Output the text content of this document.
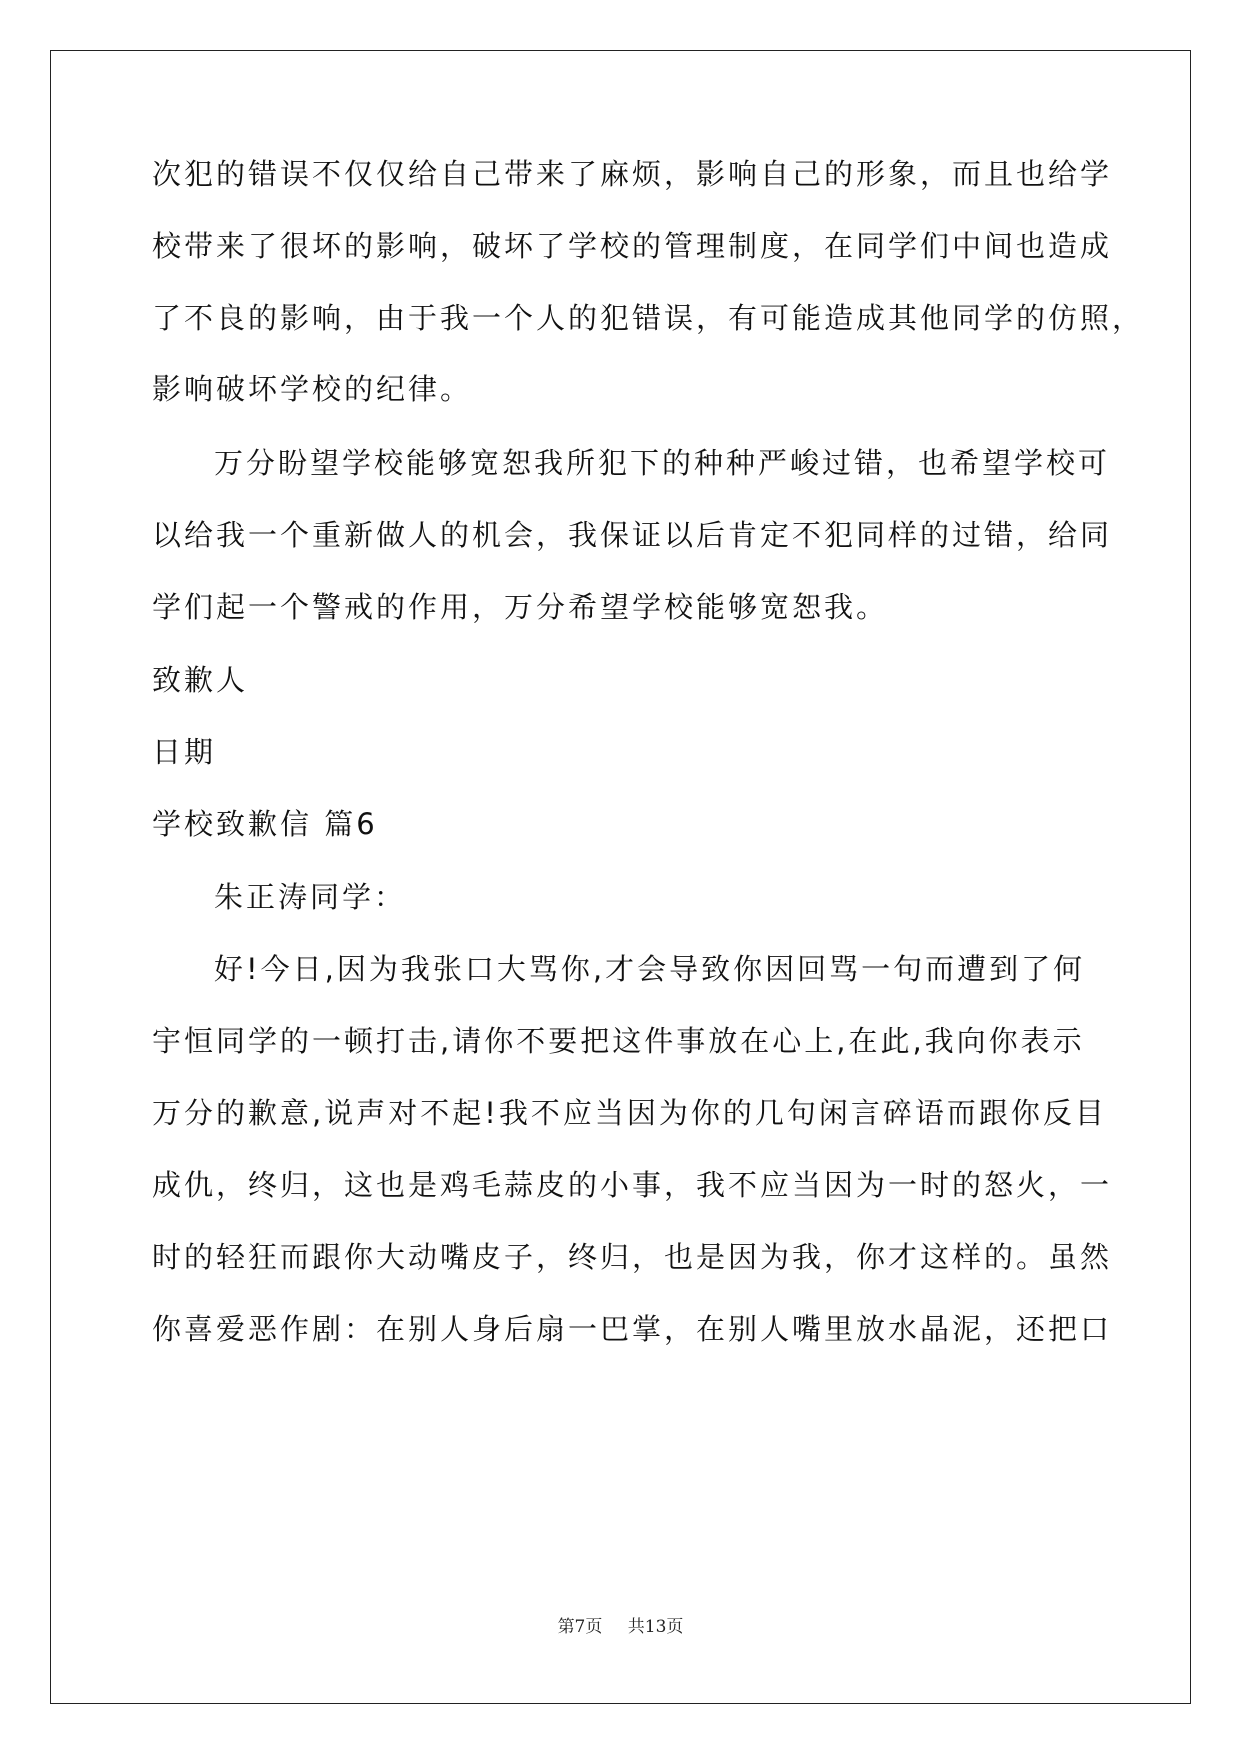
次犯的错误不仅仅给自己带来了麻烦，影响自己的形象，而且也给学
校带来了很坏的影响，破坏了学校的管理制度，在同学们中间也造成
了不良的影响，由于我一个人的犯错误，有可能造成其他同学的仿照，
影响破坏学校的纪律。
万分盼望学校能够宽恕我所犯下的种种严峻过错，也希望学校可
以给我一个重新做人的机会，我保证以后肯定不犯同样的过错，给同
学们起一个警戒的作用，万分希望学校能够宽恕我。
致歉人
日期
学校致歉信 篇6
朱正涛同学：
好!今日,因为我张口大骂你,才会导致你因回骂一句而遭到了何
宇恒同学的一顿打击,请你不要把这件事放在心上,在此,我向你表示
万分的歉意,说声对不起!我不应当因为你的几句闲言碎语而跟你反目
成仇，终归，这也是鸡毛蒜皮的小事，我不应当因为一时的怒火，一
时的轻狂而跟你大动嘴皮子，终归，也是因为我，你才这样的。虽然
你喜爱恶作剧：在别人身后扇一巴掌，在别人嘴里放水晶泥，还把口
第7页 共13页
